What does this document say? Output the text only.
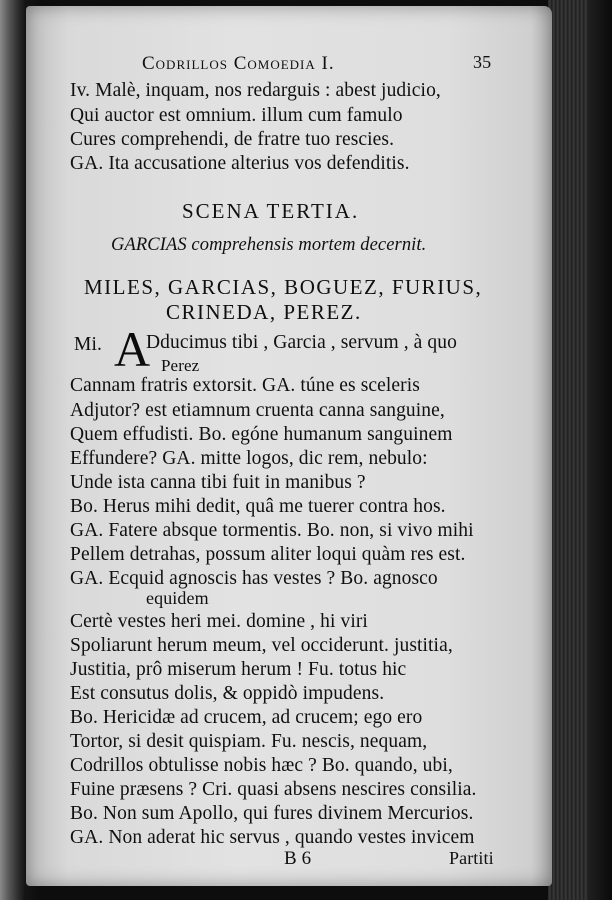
Codrillos Comoedia I.	35
Iv. Malè, inquam, nos redarguis : abest judicio,
Qui auctor est omnium. illum cum famulo
Cures comprehendi, de fratre tuo rescies.
GA. Ita accusatione alterius vos defenditis.
SCENA TERTIA.
GARCIAS comprehensis mortem decernit.
MILES, GARCIAS, BOGUEZ, FURIUS,
CRINEDA, PEREZ.
Mi. A
Dducimus tibi , Garcia , servum , à quo
Perez
Cannam fratris extorsit. GA. túne es sceleris
Adjutor? est etiamnum cruenta canna sanguine,
Quem effudisti. Bo. egóne humanum sanguinem
Effundere? GA. mitte logos, dic rem, nebulo:
Unde ista canna tibi fuit in manibus ?
Bo. Herus mihi dedit, quâ me tuerer contra hos.
GA. Fatere absque tormentis. Bo. non, si vivo mihi
Pellem detrahas, possum aliter loqui quàm res est.
GA. Ecquid agnoscis has vestes ? Bo. agnosco
equidem
Certè vestes heri mei. domine , hi viri
Spoliarunt herum meum, vel occiderunt. justitia,
Justitia, prô miserum herum ! Fu. totus hic
Est consutus dolis, & oppidò impudens.
Bo. Hericidæ ad crucem, ad crucem; ego ero
Tortor, si desit quispiam. Fu. nescis, nequam,
Codrillos obtulisse nobis hæc ? Bo. quando, ubi,
Fuine præsens ? Cri. quasi absens nescires consilia.
Bo. Non sum Apollo, qui fures divinem Mercurios.
GA. Non aderat hic servus , quando vestes invicem
B 6	Partiti
